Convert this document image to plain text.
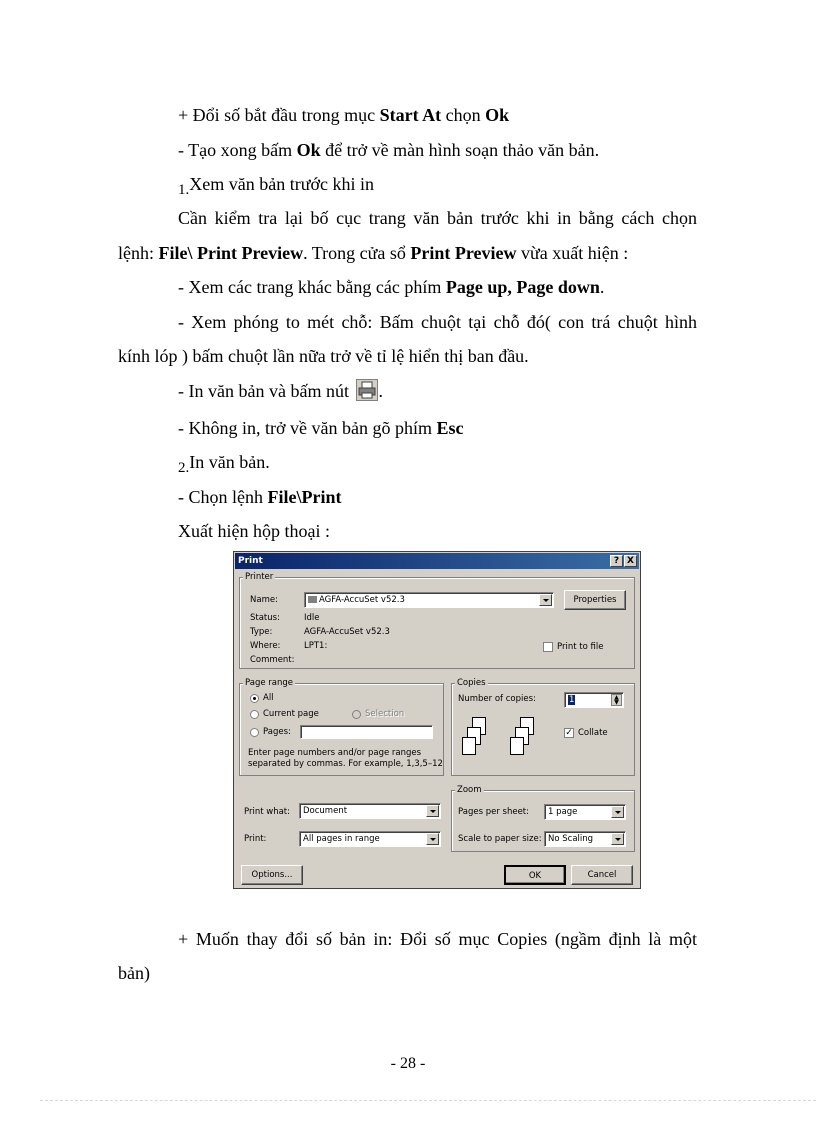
+ Đổi số bắt đầu trong mục Start At chọn Ok
- Tạo xong bấm Ok để trở về màn hình soạn thảo văn bản.
$_{1.}$Xem văn bản trước khi in
Cần kiểm tra lại bố cục trang văn bản trước khi in bằng cách chọn
lệnh: File\ Print Preview. Trong cửa sổ Print Preview vừa xuất hiện :
- Xem các trang khác bằng các phím Page up, Page down.
- Xem phóng to mét chỗ: Bấm chuột tại chỗ đó( con trá chuột hình
kính lóp ) bấm chuột lần nữa trở về tỉ lệ hiển thị ban đầu.
- In văn bản và bấm nút .
- Không in, trở về văn bản gõ phím Esc
$_{2.}$In văn bản.
- Chọn lệnh File\Print
Xuất hiện hộp thoại :
Print	? X
Printer
Name:	AGFA-AccuSet v52.3	Properties
Status:	Idle
Type:	AGFA-AccuSet v52.3
Where:	LPT1:
Comment:
Print to file
Page range
All
Current page	Selection
Pages:
Enter page numbers and/or page ranges
separated by commas. For example, 1,3,5–12
Copies
Number of copies:	1	▲
▼
✓ Collate
Zoom
Pages per sheet:	1 page
Scale to paper size: No Scaling
Print what:	Document
Print:	All pages in range
Options...	OK	Cancel
+ Muốn thay đổi số bản in: Đổi số mục Copies (ngầm định là một
bản)
- 28 -
